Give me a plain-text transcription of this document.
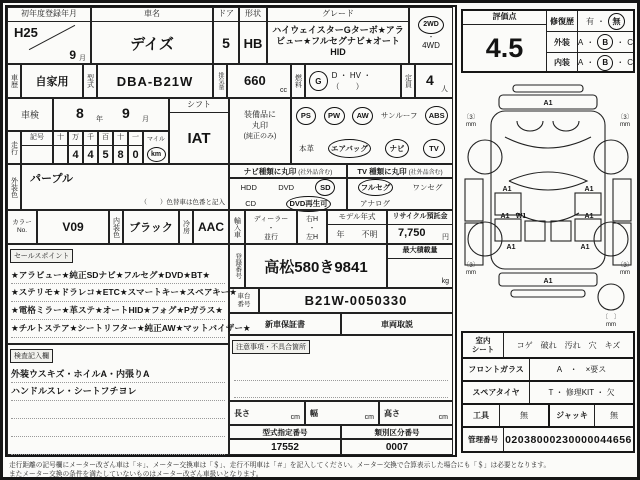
初年度登録年月
H25
9 月
車名
デイズ
ドア
5
形状
HB
グレード
ハイウェイスターGターボ★アラ
ビュー★フルセグナビ★オート
HID
2WD
・
4WD
車歴	自家用	型式	DBA-B21W	排気量	660
cc
燃料	G
D ・ HV ・ （　　）	定員 4
人
車検	8 年 9 月
走行
記号	十	万
4
千
4
百
5
十
8
一
0
マイル
km
シフト
IAT
装備品に
丸印
(純正のみ)
PS	PW	AW	サンルーフ	ABS
本革	エアバッグ	ナビ	TV
外装色	パープル
（　　）色替車は色番と記入
ナビ種類に丸印 (社外品含む)	TV 種類に丸印 (社外品含む)
HDD	DVD	SD
CD	DVD再生可
フルセグ	ワンセグ
アナログ
カラー
No.	V09	内装色 ブラック	冷房 AAC	輸入車	ディーラー
・
並行
右H
・
左H
モデル年式
年 不明
リサイクル預託金
7,750 円
登録番号	高松580き9841
最大積載量
kg
車台
番号	B21W-0050330
新車保証書	車両取説
注意事項・不具合箇所
長さ	cm 幅	cm 高さ	cm
型式指定番号	類別区分番号
17552	0007
セールスポイント
★アラビュー★純正SDナビ★フルセグ★DVD★BT★
★ステリモ★ドラレコ★ETC★スマートキー★スペアキー★
★電格ミラー★革ステ★オートHID★フォグ★Pガラス★
★チルトステア★シートリフター★純正AW★マットバイザー★
検査記入欄
外装ウスキズ・ホイルA・内張りA
ハンドルスレ・シートフチヨレ
評価点
4.5
修復歴	有 ・ 無
外装 A ・	B	・ C
内装 A ・	B	・ C
A1
A1	A1
A1 W1	A1
A1	A1
A1
〔3〕
mm
〔3〕
mm
〔3〕
mm
〔3〕
mm
〔　〕
mm
室内
シート	コゲ 破れ 汚れ 穴 キズ
フロントガラス	A　・　×要ス
スペアタイヤ	T ・ 修理KIT ・ 欠
工具	無	ジャッキ	無
管理番号 02038000230000044656
走行距離の記号欄にメーター改ざん車は「＊」、メーター交換車は「＄」、走行不明車は「＃」を記入してください。メーター交換で合算表示した場合にも「＄」は必要となります。
またメーター交換の条件を満たしていないものはメーター改ざん車扱いとなります。
